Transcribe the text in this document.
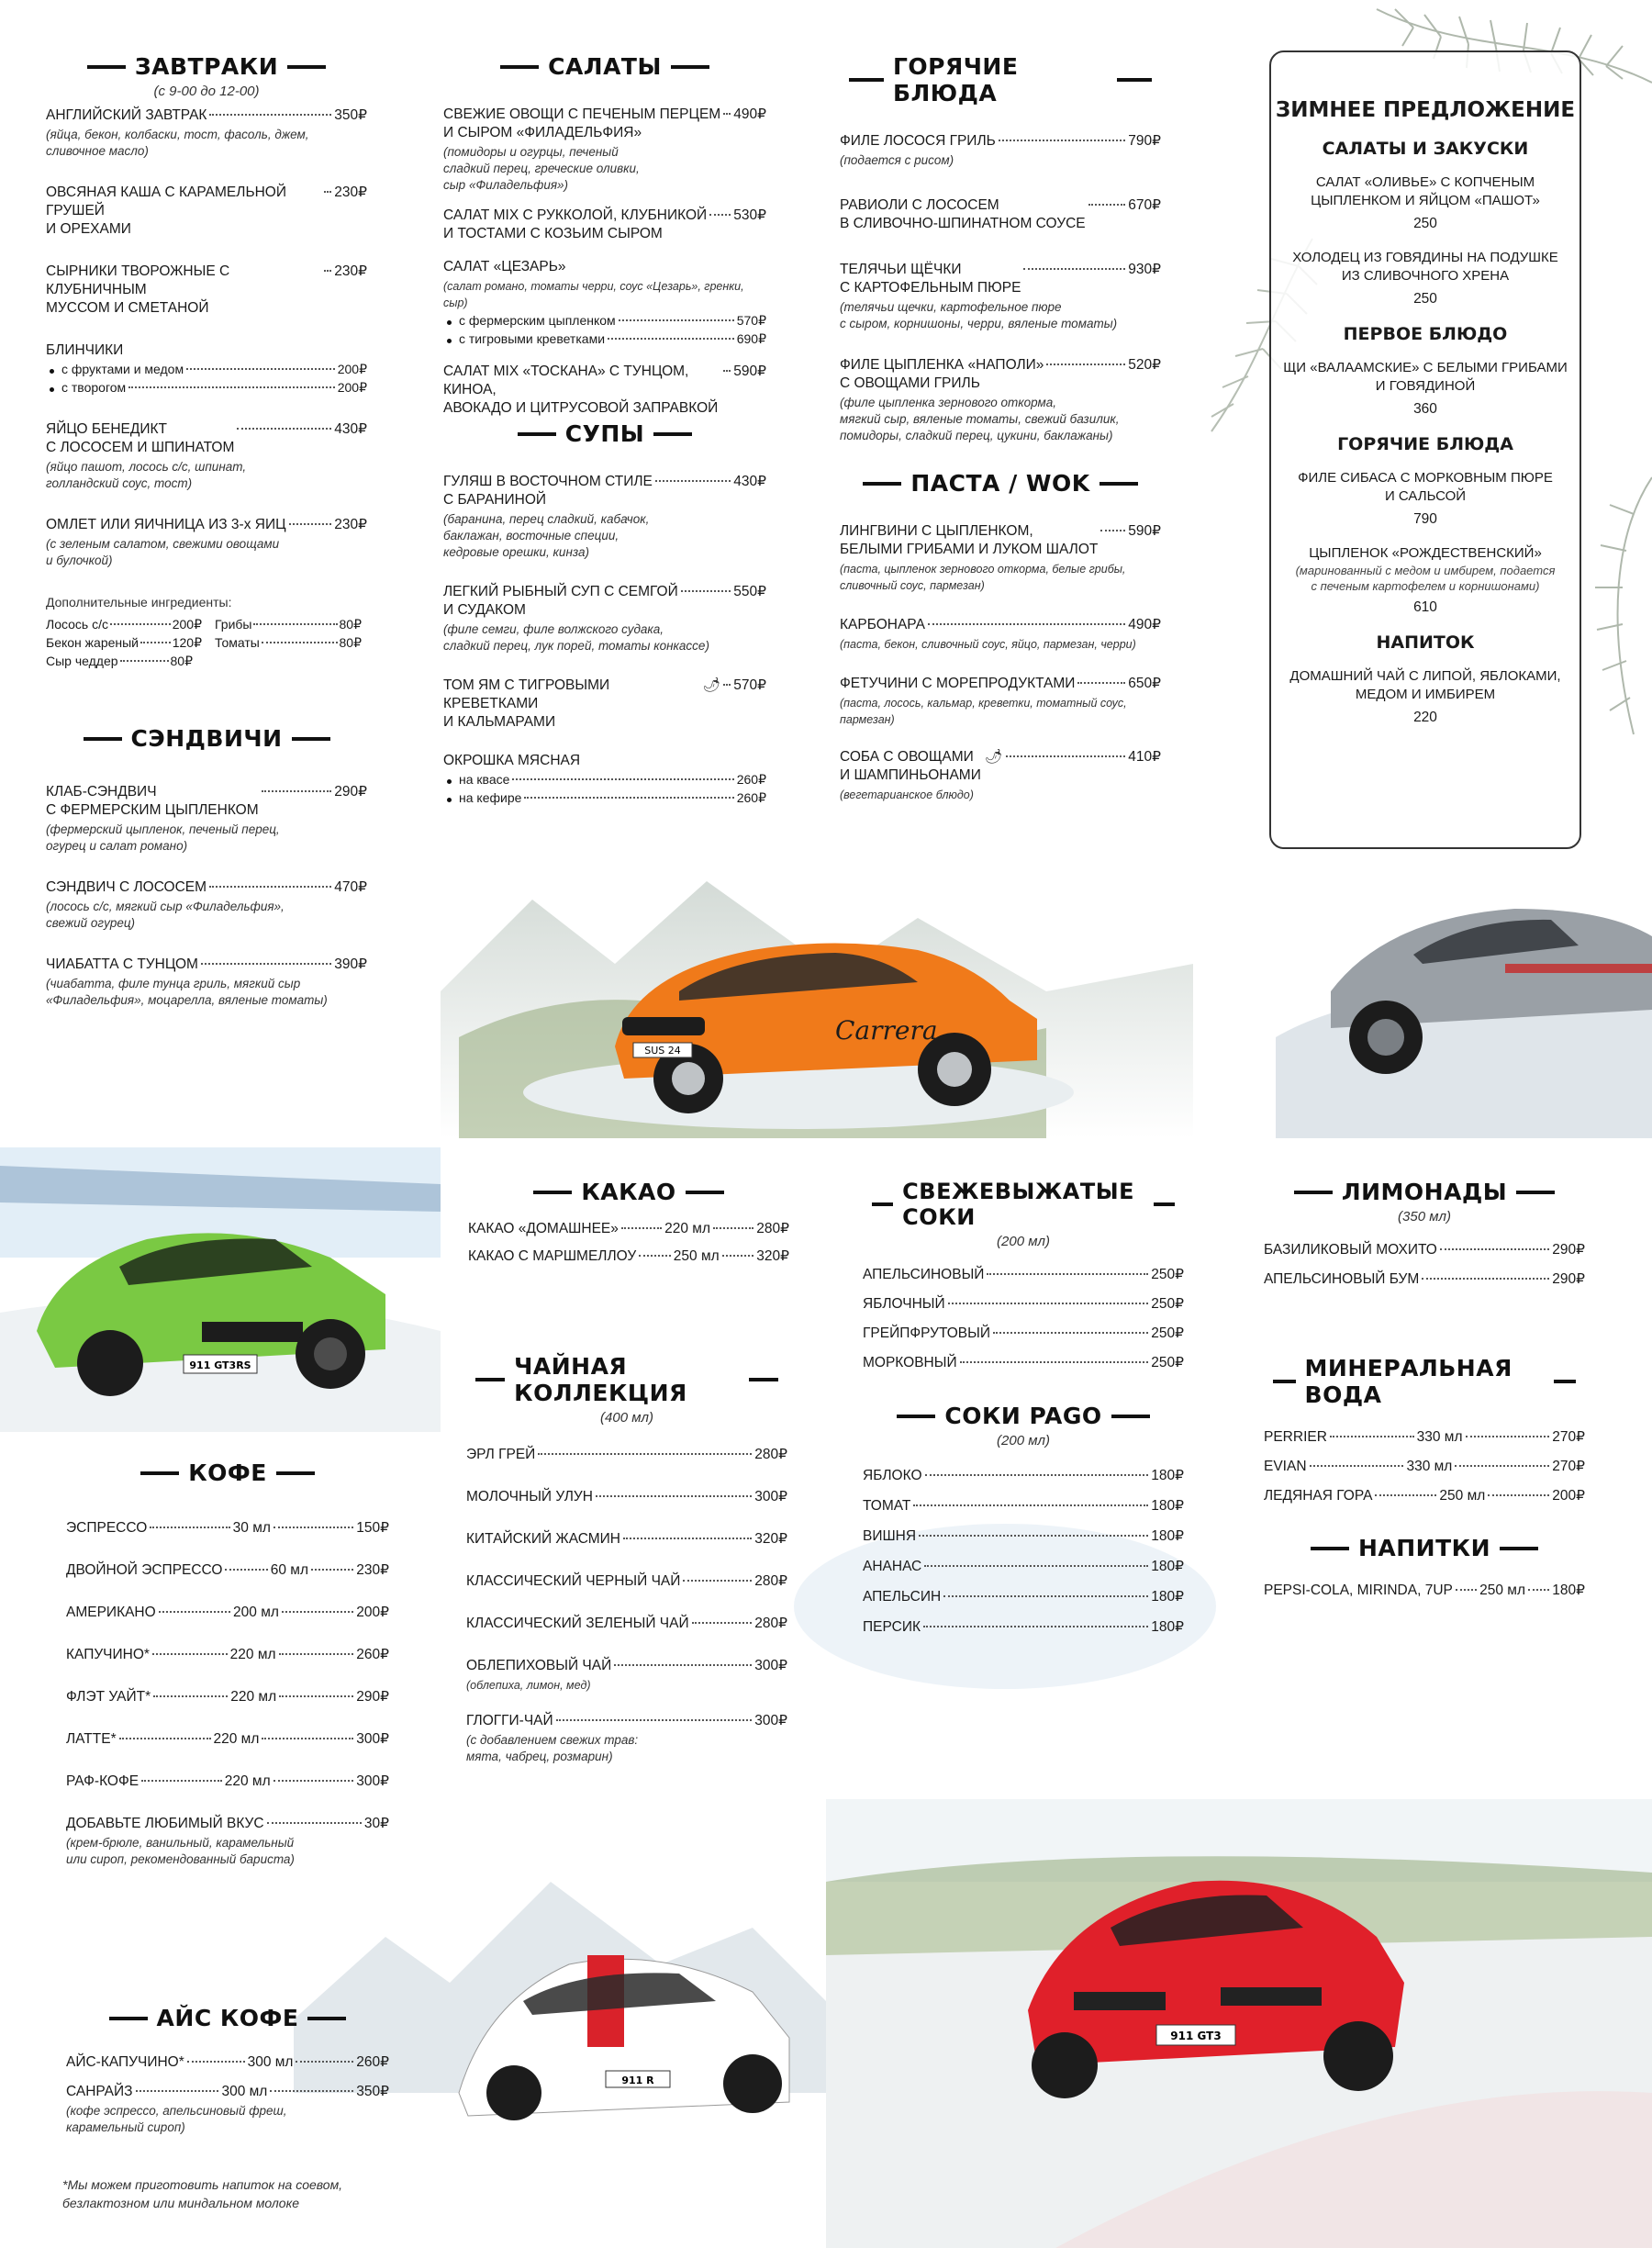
SUS 24
Carrera
911 GT3RS
911 R
911 GT3
ЗАВТРАКИ
(с 9-00 до 12-00)
АНГЛИЙСКИЙ ЗАВТРАК	350 ₽
(яйца, бекон, колбаски, тост, фасоль, джем,
сливочное масло)
ОВСЯНАЯ КАША С КАРАМЕЛЬНОЙ ГРУШЕЙ
И ОРЕХАМИ
230 ₽
СЫРНИКИ ТВОРОЖНЫЕ С КЛУБНИЧНЫМ
МУССОМ И СМЕТАНОЙ
230 ₽
БЛИНЧИКИ
с фруктами и медом	200 ₽
с творогом	200 ₽
ЯЙЦО БЕНЕДИКТ
С ЛОСОСЕМ И ШПИНАТОМ
430 ₽
(яйцо пашот, лосось с/с, шпинат,
голландский соус, тост)
ОМЛЕТ ИЛИ ЯИЧНИЦА ИЗ 3-х ЯИЦ	230 ₽
(с зеленым салатом, свежими овощами
и булочкой)
Дополнительные ингредиенты:
Лосось с/с	200 ₽	Грибы	80 ₽
Бекон жареный	120 ₽	Томаты	80 ₽
Сыр чеддер	80 ₽
СЭНДВИЧИ
КЛАБ-СЭНДВИЧ
С ФЕРМЕРСКИМ ЦЫПЛЕНКОМ
290 ₽
(фермерский цыпленок, печеный перец,
огурец и салат романо)
СЭНДВИЧ С ЛОСОСЕМ	470 ₽
(лосось с/с, мягкий сыр «Филадельфия»,
свежий огурец)
ЧИАБАТТА С ТУНЦОМ	390 ₽
(чиабатта, филе тунца гриль, мягкий сыр
«Филадельфия», моцарелла, вяленые томаты)
САЛАТЫ
СВЕЖИЕ ОВОЩИ С ПЕЧЕНЫМ ПЕРЦЕМ
И СЫРОМ «ФИЛАДЕЛЬФИЯ»
490 ₽
(помидоры и огурцы, печеный
сладкий перец, греческие оливки,
сыр «Филадельфия»)
САЛАТ MIX С РУККОЛОЙ, КЛУБНИКОЙ
И ТОСТАМИ С КОЗЬИМ СЫРОМ
530 ₽
САЛАТ «ЦЕЗАРЬ»
(салат романо, томаты черри, соус «Цезарь», гренки, сыр)
с фермерским цыпленком	570 ₽
с тигровыми креветками	690 ₽
САЛАТ MIX «ТОСКАНА» С ТУНЦОМ, КИНОА,
АВОКАДО И ЦИТРУСОВОЙ ЗАПРАВКОЙ
590 ₽
СУПЫ
ГУЛЯШ В ВОСТОЧНОМ СТИЛЕ
С БАРАНИНОЙ
430 ₽
(баранина, перец сладкий, кабачок,
баклажан, восточные специи,
кедровые орешки, кинза)
ЛЕГКИЙ РЫБНЫЙ СУП С СЕМГОЙ
И СУДАКОМ
550 ₽
(филе семги, филе волжского судака,
сладкий перец, лук порей, томаты конкассе)
ТОМ ЯМ С ТИГРОВЫМИ КРЕВЕТКАМИ
И КАЛЬМАРАМИ
🌶 570 ₽
ОКРОШКА МЯСНАЯ
на квасе	260 ₽
на кефире	260 ₽
ГОРЯЧИЕ БЛЮДА
ФИЛЕ ЛОСОСЯ ГРИЛЬ	790 ₽
(подается с рисом)
РАВИОЛИ С ЛОСОСЕМ
В СЛИВОЧНО-ШПИНАТНОМ СОУСЕ
670 ₽
ТЕЛЯЧЬИ ЩЁЧКИ
С КАРТОФЕЛЬНЫМ ПЮРЕ
930 ₽
(телячьи щечки, картофельное пюре
с сыром, корнишоны, черри, вяленые томаты)
ФИЛЕ ЦЫПЛЕНКА «НАПОЛИ»
С ОВОЩАМИ ГРИЛЬ
520 ₽
(филе цыпленка зернового откорма,
мягкий сыр, вяленые томаты, свежий базилик,
помидоры, сладкий перец, цукини, баклажаны)
ПАСТА / WOK
ЛИНГВИНИ С ЦЫПЛЕНКОМ,
БЕЛЫМИ ГРИБАМИ И ЛУКОМ ШАЛОТ
590 ₽
(паста, цыпленок зернового откорма, белые грибы,
сливочный соус, пармезан)
КАРБОНАРА	490 ₽
(паста, бекон, сливочный соус, яйцо, пармезан, черри)
ФЕТУЧИНИ С МОРЕПРОДУКТАМИ	650 ₽
(паста, лосось, кальмар, креветки, томатный соус,
пармезан)
СОБА С ОВОЩАМИ
И ШАМПИНЬОНАМИ
🌶	410 ₽
(вегетарианское блюдо)
ЗИМНЕЕ ПРЕДЛОЖЕНИЕ
САЛАТЫ И ЗАКУСКИ
САЛАТ «ОЛИВЬЕ» С КОПЧЕНЫМ
ЦЫПЛЕНКОМ И ЯЙЦОМ «ПАШОТ»
250
ХОЛОДЕЦ ИЗ ГОВЯДИНЫ НА ПОДУШКЕ
ИЗ СЛИВОЧНОГО ХРЕНА
250
ПЕРВОЕ БЛЮДО
ЩИ «ВАЛААМСКИЕ» С БЕЛЫМИ ГРИБАМИ
И ГОВЯДИНОЙ
360
ГОРЯЧИЕ БЛЮДА
ФИЛЕ СИБАСА С МОРКОВНЫМ ПЮРЕ
И САЛЬСОЙ
790
ЦЫПЛЕНОК «РОЖДЕСТВЕНСКИЙ»
(маринованный с медом и имбирем, подается
с печеным картофелем и корнишонами)
610
НАПИТОК
ДОМАШНИЙ ЧАЙ С ЛИПОЙ, ЯБЛОКАМИ,
МЕДОМ И ИМБИРЕМ
220
КОФЕ
ЭСПРЕССО	30 мл	150 ₽
ДВОЙНОЙ ЭСПРЕССО	60 мл	230 ₽
АМЕРИКАНО	200 мл	200 ₽
КАПУЧИНО*	220 мл	260 ₽
ФЛЭТ УАЙТ*	220 мл	290 ₽
ЛАТТЕ*	220 мл	300 ₽
РАФ-КОФЕ	220 мл	300 ₽
ДОБАВЬТЕ ЛЮБИМЫЙ ВКУС	30 ₽
(крем-брюле, ванильный, карамельный
или сироп, рекомендованный бариста)
АЙС КОФЕ
АЙС-КАПУЧИНО*	300 мл	260 ₽
САНРАЙЗ	300 мл	350 ₽
(кофе эспрессо, апельсиновый фреш,
карамельный сироп)
*Мы можем приготовить напиток на соевом,
безлактозном или миндальном молоке
КАКАО
КАКАО «ДОМАШНЕЕ»	220 мл	280 ₽
КАКАО С МАРШМЕЛЛОУ	250 мл	320 ₽
ЧАЙНАЯ КОЛЛЕКЦИЯ
(400 мл)
ЭРЛ ГРЕЙ	280 ₽
МОЛОЧНЫЙ УЛУН	300 ₽
КИТАЙСКИЙ ЖАСМИН	320 ₽
КЛАССИЧЕСКИЙ ЧЕРНЫЙ ЧАЙ	280 ₽
КЛАССИЧЕСКИЙ ЗЕЛЕНЫЙ ЧАЙ	280 ₽
ОБЛЕПИХОВЫЙ ЧАЙ	300 ₽
(облепиха, лимон, мед)
ГЛОГГИ-ЧАЙ	300 ₽
(с добавлением свежих трав:
мята, чабрец, розмарин)
СВЕЖЕВЫЖАТЫЕ СОКИ
(200 мл)
АПЕЛЬСИНОВЫЙ	250 ₽
ЯБЛОЧНЫЙ	250 ₽
ГРЕЙПФРУТОВЫЙ	250 ₽
МОРКОВНЫЙ	250 ₽
СОКИ PAGO
(200 мл)
ЯБЛОКО	180 ₽
ТОМАТ	180 ₽
ВИШНЯ	180 ₽
АНАНАС	180 ₽
АПЕЛЬСИН	180 ₽
ПЕРСИК	180 ₽
ЛИМОНАДЫ
(350 мл)
БАЗИЛИКОВЫЙ МОХИТО	290 ₽
АПЕЛЬСИНОВЫЙ БУМ	290 ₽
МИНЕРАЛЬНАЯ ВОДА
PERRIER	330 мл	270 ₽
EVIAN	330 мл	270 ₽
ЛЕДЯНАЯ ГОРА	250 мл	200 ₽
НАПИТКИ
PEPSI-COLA, MIRINDA, 7UP 250 мл 180 ₽
